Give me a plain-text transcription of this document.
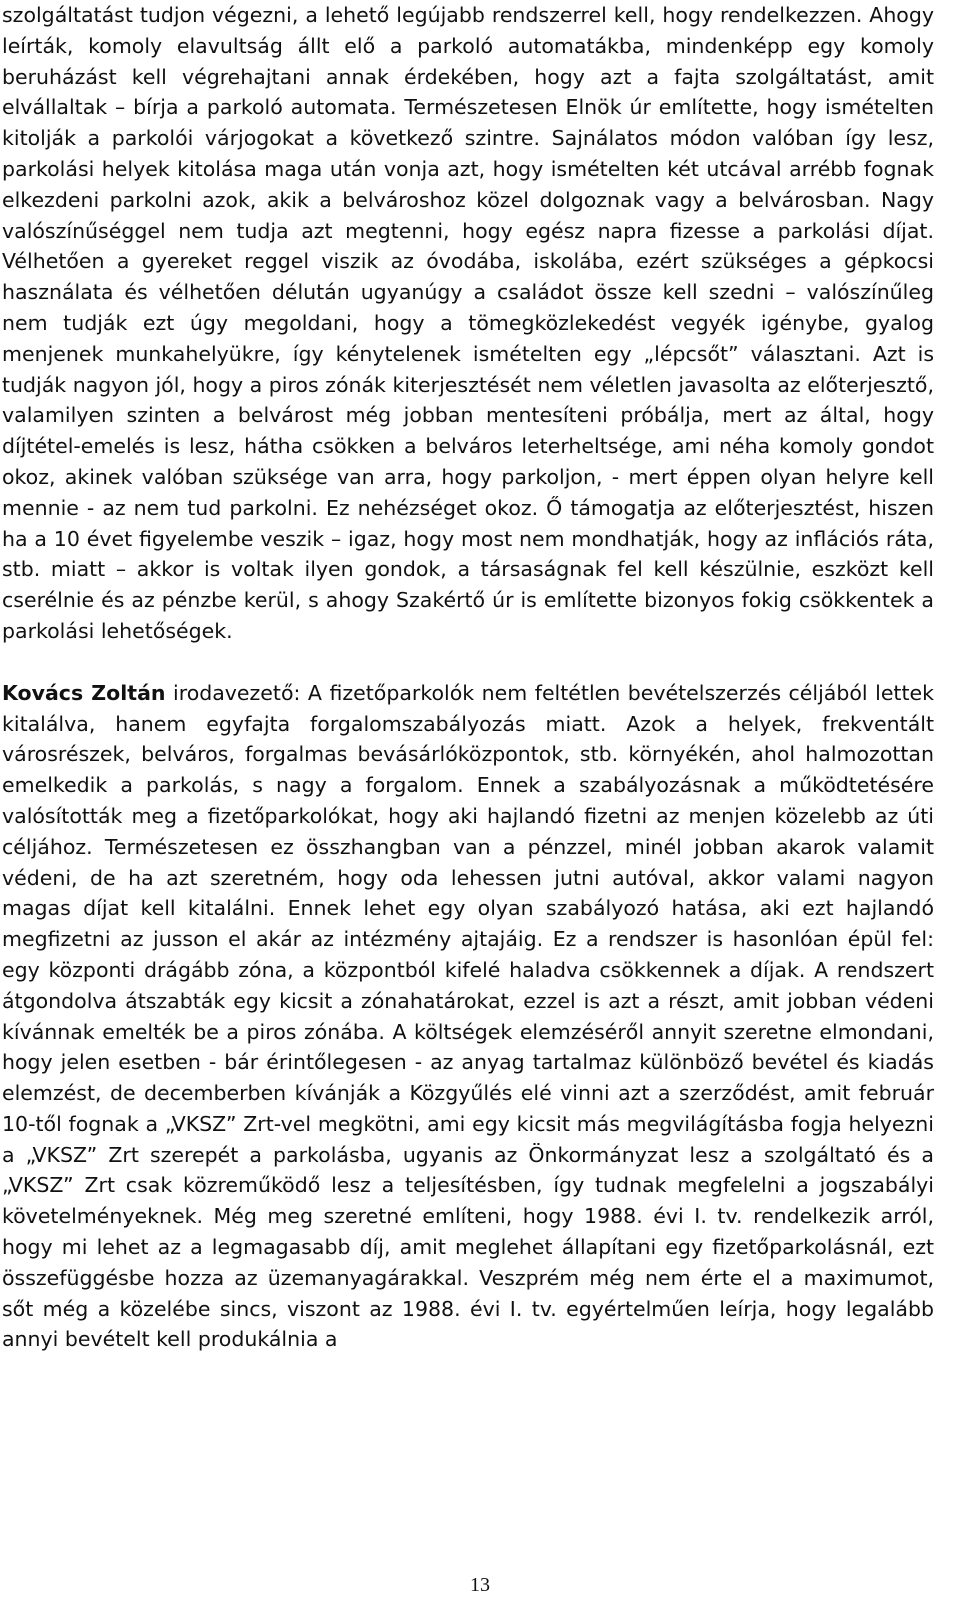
szolgáltatást tudjon végezni, a lehető legújabb rendszerrel kell, hogy rendelkezzen. Ahogy leírták, komoly elavultság állt elő a parkoló automatákba, mindenképp egy komoly beruházást kell végrehajtani annak érdekében, hogy azt a fajta szolgáltatást, amit elvállaltak – bírja a parkoló automata. Természetesen Elnök úr említette, hogy ismételten kitolják a parkolói várjogokat a következő szintre. Sajnálatos módon valóban így lesz, parkolási helyek kitolása maga után vonja azt, hogy ismételten két utcával arrébb fognak elkezdeni parkolni azok, akik a belvároshoz közel dolgoznak vagy a belvárosban. Nagy valószínűséggel nem tudja azt megtenni, hogy egész napra fizesse a parkolási díjat. Vélhetően a gyereket reggel viszik az óvodába, iskolába, ezért szükséges a gépkocsi használata és vélhetően délután ugyanúgy a családot össze kell szedni – valószínűleg nem tudják ezt úgy megoldani, hogy a tömegközlekedést vegyék igénybe, gyalog menjenek munkahelyükre, így kénytelenek ismételten egy „lépcsőt” választani. Azt is tudják nagyon jól, hogy a piros zónák kiterjesztését nem véletlen javasolta az előterjesztő, valamilyen szinten a belvárost még jobban mentesíteni próbálja, mert az által, hogy díjtétel-emelés is lesz, hátha csökken a belváros leterheltsége, ami néha komoly gondot okoz, akinek valóban szüksége van arra, hogy parkoljon, - mert éppen olyan helyre kell mennie - az nem tud parkolni. Ez nehézséget okoz. Ő támogatja az előterjesztést, hiszen ha a 10 évet figyelembe veszik – igaz, hogy most nem mondhatják, hogy az inflációs ráta, stb. miatt – akkor is voltak ilyen gondok, a társaságnak fel kell készülnie, eszközt kell cserélnie és az pénzbe kerül, s ahogy Szakértő úr is említette bizonyos fokig csökkentek a parkolási lehetőségek.

Kovács Zoltán irodavezető: A fizetőparkolók nem feltétlen bevételszerzés céljából lettek kitalálva, hanem egyfajta forgalomszabályozás miatt. Azok a helyek, frekventált városrészek, belváros, forgalmas bevásárlóközpontok, stb. környékén, ahol halmozottan emelkedik a parkolás, s nagy a forgalom. Ennek a szabályozásnak a működtetésére valósították meg a fizetőparkolókat, hogy aki hajlandó fizetni az menjen közelebb az úti céljához. Természetesen ez összhangban van a pénzzel, minél jobban akarok valamit védeni, de ha azt szeretném, hogy oda lehessen jutni autóval, akkor valami nagyon magas díjat kell kitalálni. Ennek lehet egy olyan szabályozó hatása, aki ezt hajlandó megfizetni az jusson el akár az intézmény ajtajáig. Ez a rendszer is hasonlóan épül fel: egy központi drágább zóna, a központból kifelé haladva csökkennek a díjak. A rendszert átgondolva átszabták egy kicsit a zónahatárokat, ezzel is azt a részt, amit jobban védeni kívánnak emelték be a piros zónába. A költségek elemzéséről annyit szeretne elmondani, hogy jelen esetben - bár érintőlegesen - az anyag tartalmaz különböző bevétel és kiadás elemzést, de decemberben kívánják a Közgyűlés elé vinni azt a szerződést, amit február 10-től fognak a „VKSZ” Zrt-vel megkötni, ami egy kicsit más megvilágításba fogja helyezni a „VKSZ” Zrt szerepét a parkolásba, ugyanis az Önkormányzat lesz a szolgáltató és a „VKSZ” Zrt csak közreműködő lesz a teljesítésben, így tudnak megfelelni a jogszabályi követelményeknek. Még meg szeretné említeni, hogy 1988. évi I. tv. rendelkezik arról, hogy mi lehet az a legmagasabb díj, amit meglehet állapítani egy fizetőparkolásnál, ezt összefüggésbe hozza az üzemanyagárakkal. Veszprém még nem érte el a maximumot, sőt még a közelébe sincs, viszont az 1988. évi I. tv. egyértelműen leírja, hogy legalább annyi bevételt kell produkálnia a

13
